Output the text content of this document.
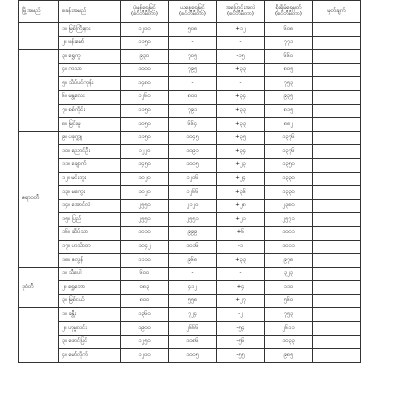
မြို့အမည်	စခန်းအမည်	ပုံမှန်ရေမြင့်
(စင်တီမီတာ)	ယနေ့ရေမြင့်
(စင်တီမီတာ)	အပြောင်းအလဲ
(စင်တီမီတာ)	စိုးရိမ်ရေမှတ်
(စင်တီမီတာ)	မှတ်ချက်
	၁။ မြစ်ကြီးနား	၁၂၀၀	၅၀၈	+၁၂	၆၀၈	
	၂။ ဗန်းမော်	၁၁၅၀	-	-	၇၇၁	
	၃။ ရွှေကူ	၉၃၀	၇၀၅	-၁၅	၆၆၀	
	၄။ ကသာ	၁၀၀၀	၇၉၅	+၃၃	၈၀၅	
	၅။ သိပ်ပင်ကုန်း	၁၄၈၀	-	-	၇၅၃	
	၆။ မန္တလေး	၁၂၆၀	၈၀၀	+၃၄	၉၃၅	
	၇။ စစ်ကိုင်း	၁၁၅၀	၇၉၁	+၃၃	၈၁၅	
	၈။ မြင်းမူ	၁၀၅၀	၆၆၄	+၃၃	၈၈၂	
ဧရာဝတီ	၉။ ပခုက္ကူ	၁၁၅၀	၁၀၄၅	+၃၅	၁၃၇၆	
	၁၀။ ညောင်ဦး	၁၂၂၀	၁၀၉၁	+၃၄	၁၃၇၆	
	၁၁။ ချောက်	၁၄၅၀	၁၀၀၅	+၂၃	၁၃၅၀	
	၁၂။ မင်းဘူး	၁၀၂၀	၁၂၀၆	+၂၄	၁၃၃၀	
	၁၃။ မကွေး	၁၀၂၀	၁၂၆၆	+၃၆	၁၃၃၀	
	၁၄။ အောင်လံ	၂၅၅၀	၂၁၂၀	+၂၈	၂၃၈၀	
	၁၅။ ပြည်	၂၅၅၀	၂၅၅၁	+၂၁	၂၅၇၁	
	၁၆။ ဆိပ်သာ	၁၀၁၀	၉၉၉	+၆	၁၀၀၁	
	၁၇။ ဟင်္သာတ	၁၀၄၂	၁၀၁၆	-၁	၁၀၁၁	
	၁၈။ ဇလွန်	၁၁၁၀	၉၆၈	+၃၃	၉၇၈	
ဒုဝံတီ	၁။ သီပေါ	၆၀၀	-	-	၃၂၃	
	၂။ ရွှေဘော	၀၈၃	၄၁၂	+၄	၁၁၀	
	၃။ မြစ်ငယ်	၈၀၀	၅၅၈	+၂၇	၅၆၀	
	၁။ ခန္တီး	၁၃၆၀	၇၂၄	-၂	၇၅၃	
	၂။ ဟုမ္မလင်း	၁၉၀၀	၂၆၆၆	-၅၄	၂၆၁၁	
	၃။ ဖောင်ပြင်	၁၂၅၀	၁၀၈၆	-၅၆	၁၀၃၃	
	၄။ မော်လိုက်	၁၂၀၀	၁၀၀၅	-၅၅	၉၈၅	
